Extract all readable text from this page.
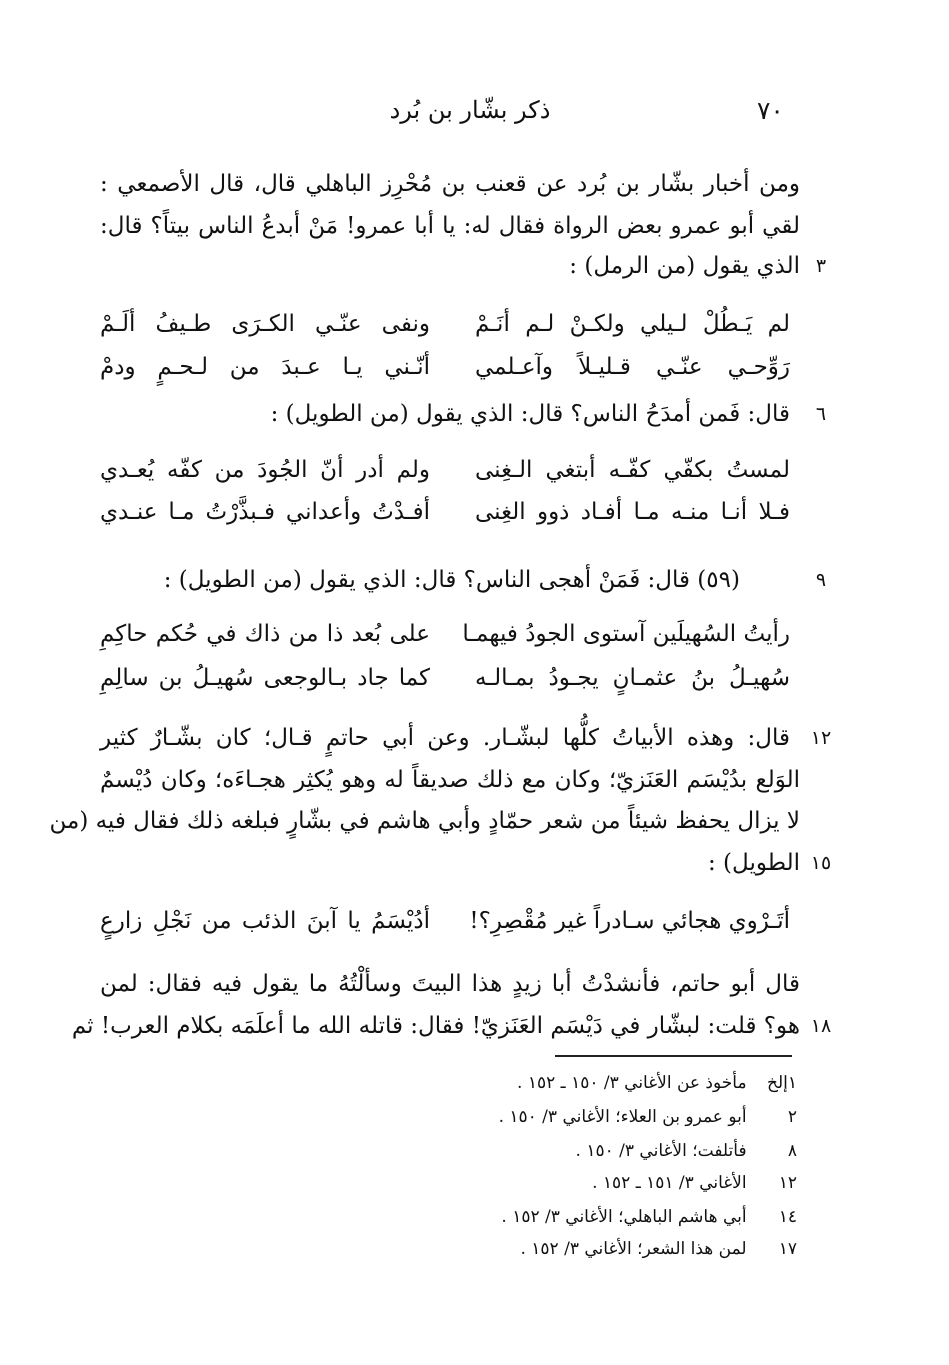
٧٠
ذكر بشّار بن بُرد
ومن أخبار بشّار بن بُرد عن قعنب بن مُحْرِز الباهلي قال، قال الأصمعي :
لقي أبو عمرو بعض الرواة فقال له: يا أبا عمرو! مَنْ أبدعُ الناس بيتاً؟ قال:
٣
الذي يقول (من الرمل) :
لم يَـطُلْ لـيلي ولكـنْ لـم أنَـمْ
ونفى عنّـي الكـرَى طـيفُ ألَـمْ
رَوِّحـي عنّـي قـليـلاً وآعـلمي
أنّـني يـا عـبدَ من لـحـمٍ ودمْ
٦
قال: فَمن أمدَحُ الناس؟ قال: الذي يقول (من الطويل) :
لمستُ بكفّي كفّـه أبتغي الـغِنى
ولم أدر أنّ الجُودَ من كفّه يُعـدي
فـلا أنـا منـه مـا أفـاد ذوو الغِنى
أفـدْتُ وأعداني فـبذَّرْتُ مـا عنـدي
٩
(٥٩) قال: فَمَنْ أهجى الناس؟ قال: الذي يقول (من الطويل) :
رأيتُ السُهيلَين آستوى الجودُ فيهمـا
على بُعد ذا من ذاك في حُكم حاكِمِ
سُهيـلُ بنُ عثمـانٍ يجـودُ بمـالـه
كما جاد بـالوجعى سُهيـلُ بن سالِمِ
١٢
قال: وهذه الأبياتُ كلُّها لبشّـار. وعن أبي حاتمٍ قـال؛ كان بشّـارٌ كثير
الوَلع بدُيْسَم العَنَزيّ؛ وكان مع ذلك صديقاً له وهو يُكثِر هجـاءَه؛ وكان دُيْسمٌ
لا يزال يحفظ شيئاً من شعر حمّادٍ وأبي هاشم في بشّارٍ فبلغه ذلك فقال فيه (من
١٥
الطويل) :
أتَـرْوي هجائي سـادراً غير مُقْصِرِ؟!
أدُيْسَمُ يا آبنَ الذئب من نَجْلِ زارعٍ
قال أبو حاتم، فأنشدْتُ أبا زيدٍ هذا البيتَ وسألْتُهُ ما يقول فيه فقال: لمن
١٨
هو؟ قلت: لبشّار في دَيْسَم العَنَزيّ! فقال: قاتله الله ما أعلَمَه بكلام العرب! ثم
١إلخ مأخوذ عن الأغاني ٣/ ١٥٠ ـ ١٥٢ .
٢ أبو عمرو بن العلاء؛ الأغاني ٣/ ١٥٠ .
٨ فأتلفت؛ الأغاني ٣/ ١٥٠ .
١٢ الأغاني ٣/ ١٥١ ـ ١٥٢ .
١٤ أبي هاشم الباهلي؛ الأغاني ٣/ ١٥٢ .
١٧ لمن هذا الشعر؛ الأغاني ٣/ ١٥٢ .
